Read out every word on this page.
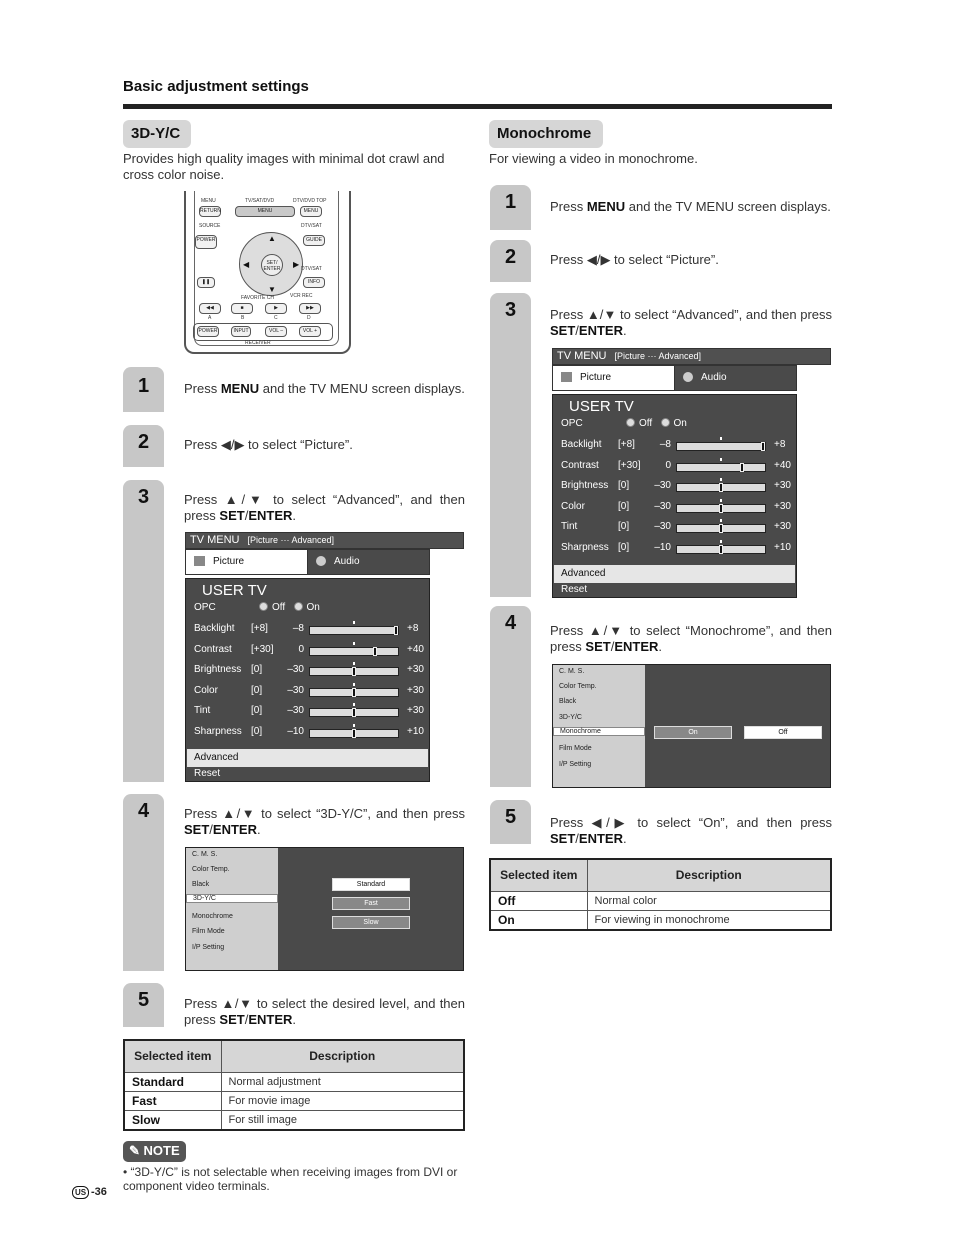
Basic adjustment settings
3D-Y/C
Provides high quality images with minimal dot crawl and cross color noise.
MENU	TV/SAT/DVD	DTV/DVD TOP
RETURN	MENU	MENU
SOURCE	DTV/SAT
POWER	GUIDE
▲
▼
◀	▶
SET/ ENTER	DTV/SAT
❚❚	INFO
FAVORITE CH	VCR REC
◀◀	■	▶	▶▶
A	B	C	D
POWER	INPUT	VOL –	VOL +
RECEIVER
1
2
3
4
5
Press MENU and the TV MENU screen displays.
Press ◀/▶ to select “Picture”.
Press ▲/▼ to select “Advanced”, and then press SET/ENTER.
Press ▲/▼ to select “3D-Y/C”, and then press SET/ENTER.
Press ▲/▼ to select the desired level, and then press SET/ENTER.
TV MENU [Picture ··· Advanced]
Picture	Audio
USER TV
OPC	Off On
Backlight	[+8]	–8	+8
Contrast	[+30]	0	+40
Brightness [0]	–30	+30
Color	[0]	–30	+30
Tint	[0]	–30	+30
Sharpness [0]	–10	+10
Advanced
Reset
C. M. S.
Color Temp.
Black
3D-Y/C
Monochrome
Film Mode
I/P Setting
Standard
Fast
Slow
Selected item	Description
Standard	Normal adjustment
Fast	For movie image
Slow	For still image
✎ NOTE
• “3D-Y/C” is not selectable when receiving images from DVI or component video terminals.
US -36
Monochrome
For viewing a video in monochrome.
1
2
3
4
5
Press MENU and the TV MENU screen displays.
Press ◀/▶ to select “Picture”.
Press ▲/▼ to select “Advanced”, and then press SET/ENTER.
Press ▲/▼ to select “Monochrome”, and then press SET/ENTER.
Press ◀/▶ to select “On”, and then press SET/ENTER.
TV MENU [Picture ··· Advanced]
Picture	Audio
USER TV
OPC	Off On
Backlight	[+8]	–8	+8
Contrast	[+30]	0	+40
Brightness [0]	–30	+30
Color	[0]	–30	+30
Tint	[0]	–30	+30
Sharpness [0]	–10	+10
Advanced
Reset
C. M. S.
Color Temp.
Black
3D-Y/C
Monochrome
Film Mode
I/P Setting
On	Off
Selected item	Description
Off	Normal color
On	For viewing in monochrome
